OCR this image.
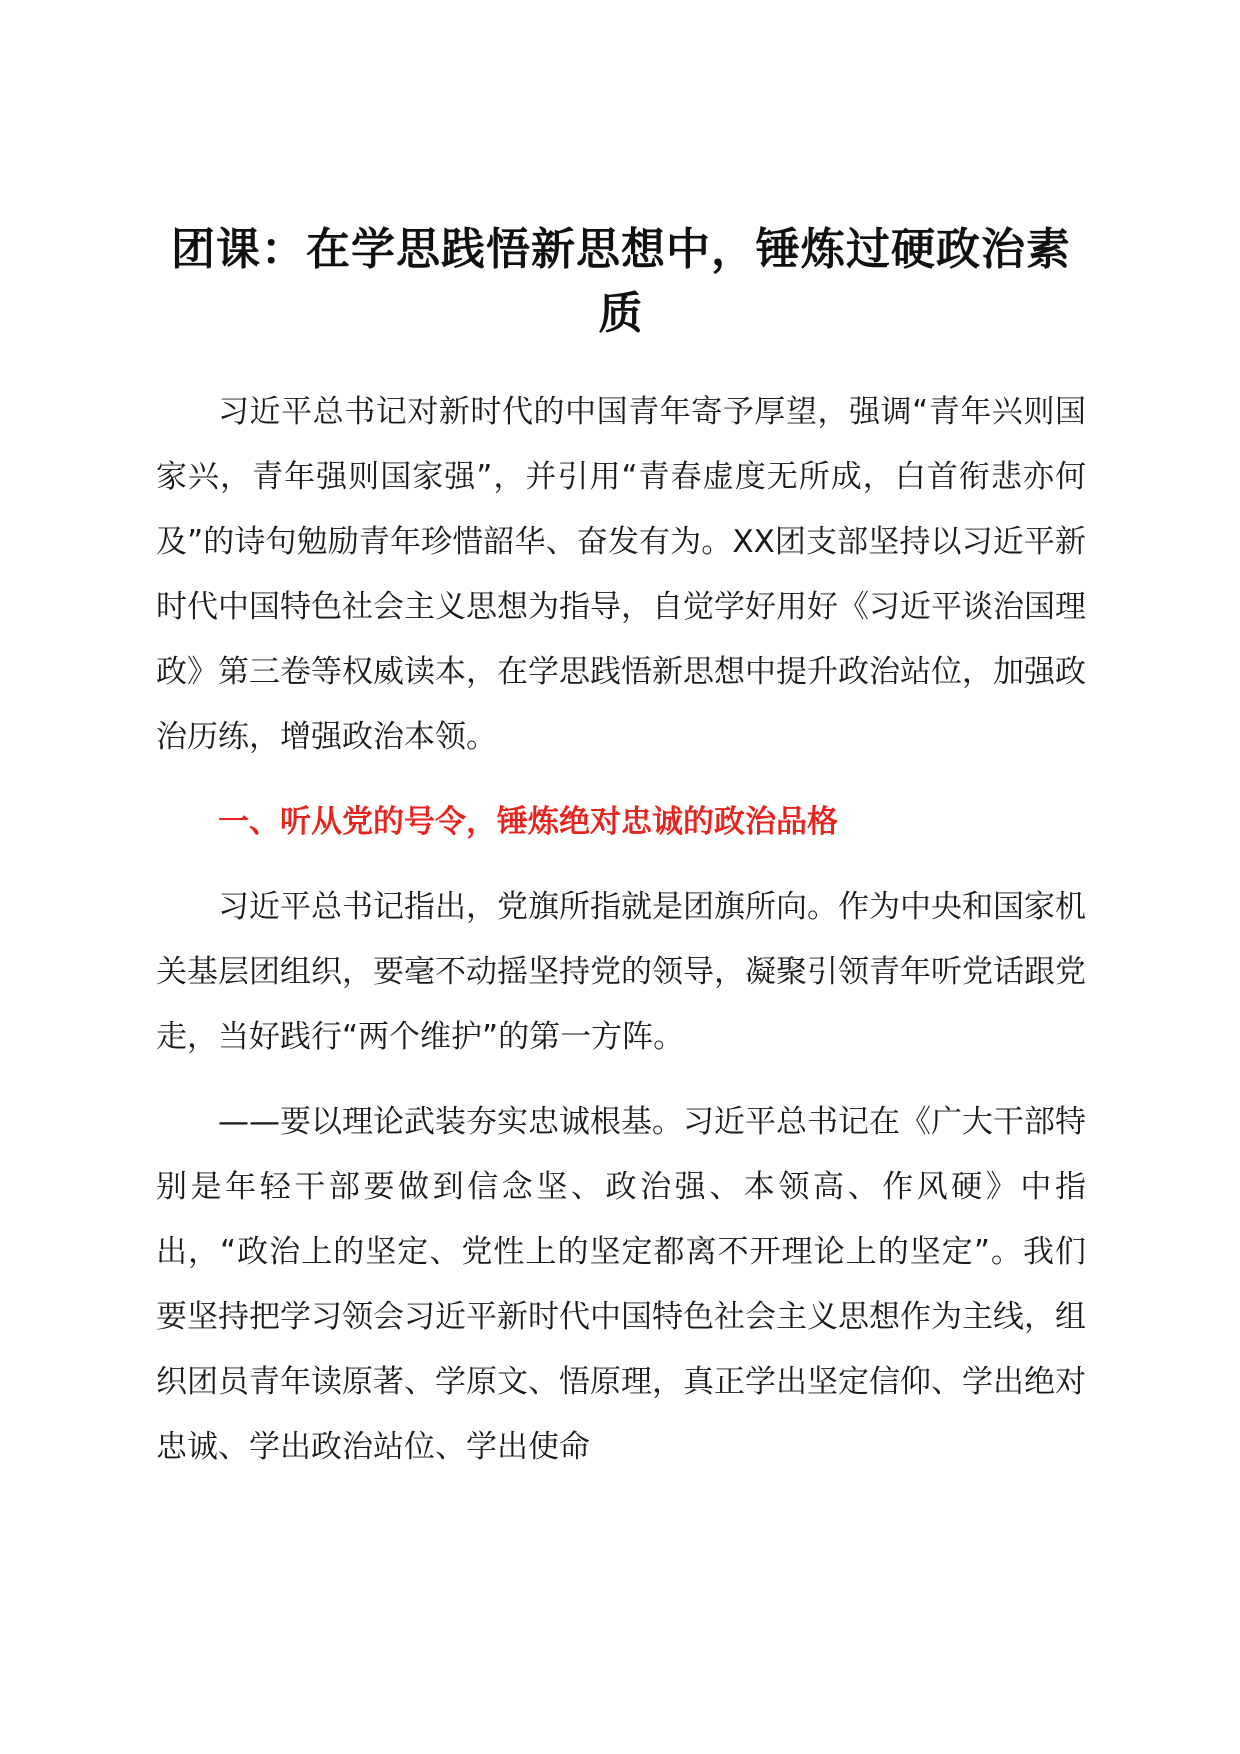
团课：在学思践悟新思想中，锤炼过硬政治素质

习近平总书记对新时代的中国青年寄予厚望，强调“青年兴则国家兴，青年强则国家强”，并引用“青春虚度无所成，白首衔悲亦何及”的诗句勉励青年珍惜韶华、奋发有为。XX团支部坚持以习近平新时代中国特色社会主义思想为指导，自觉学好用好《习近平谈治国理政》第三卷等权威读本，在学思践悟新思想中提升政治站位，加强政治历练，增强政治本领。

一、听从党的号令，锤炼绝对忠诚的政治品格

习近平总书记指出，党旗所指就是团旗所向。作为中央和国家机关基层团组织，要毫不动摇坚持党的领导，凝聚引领青年听党话跟党走，当好践行“两个维护”的第一方阵。

——要以理论武装夯实忠诚根基。习近平总书记在《广大干部特别是年轻干部要做到信念坚、政治强、本领高、作风硬》中指出，“政治上的坚定、党性上的坚定都离不开理论上的坚定”。我们要坚持把学习领会习近平新时代中国特色社会主义思想作为主线，组织团员青年读原著、学原文、悟原理，真正学出坚定信仰、学出绝对忠诚、学出政治站位、学出使命
